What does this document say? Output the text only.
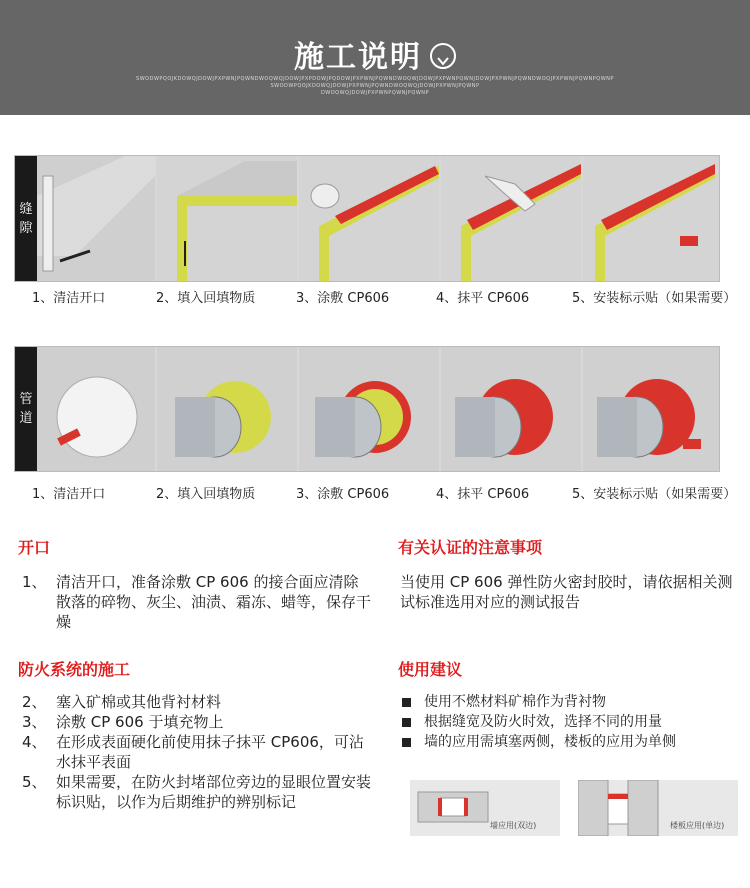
施工说明
SWODWPQOJKDOWQJDOWJPXPWNJPQWNDWOQWQJDOWJPXPDOWJPQDOWJPXPWNJPQWNDWOQWJDOWJPXPWNPQWNJDOWJPXPWNJPQWNDWOQJPXPWNJPQWNPQWNP
SWODWPQOJKDOWQJDOWJPXPWNJPQWNDWOQWQJDOWJPXPWNJPQWNP
DWOQWQJDOWJPXPWNPQWNJPQWNP
缝
隙
1、清洁开口	2、填入回填物质	3、涂敷 CP606	4、抹平 CP606	5、安装标示贴（如果需要）
管
道
1、清洁开口	2、填入回填物质	3、涂敷 CP606	4、抹平 CP606	5、安装标示贴（如果需要）
开口
1、 清洁开口，准备涂敷 CP 606 的接合面应清除散落的碎物、灰尘、油渍、霜冻、蜡等，保存干燥
有关认证的注意事项
当使用 CP 606 弹性防火密封胶时，请依据相关测试标准选用对应的测试报告
防火系统的施工
2、 塞入矿棉或其他背衬材料
3、 涂敷 CP 606 于填充物上
4、 在形成表面硬化前使用抹子抹平 CP606，可沾水抹平表面
5、 如果需要，在防火封堵部位旁边的显眼位置安装标识贴，以作为后期维护的辨别标记
使用建议
使用不燃材料矿棉作为背衬物
根据缝宽及防火时效，选择不同的用量
墙的应用需填塞两侧，楼板的应用为单侧
墙应用(双边)	楼板应用(单边)
